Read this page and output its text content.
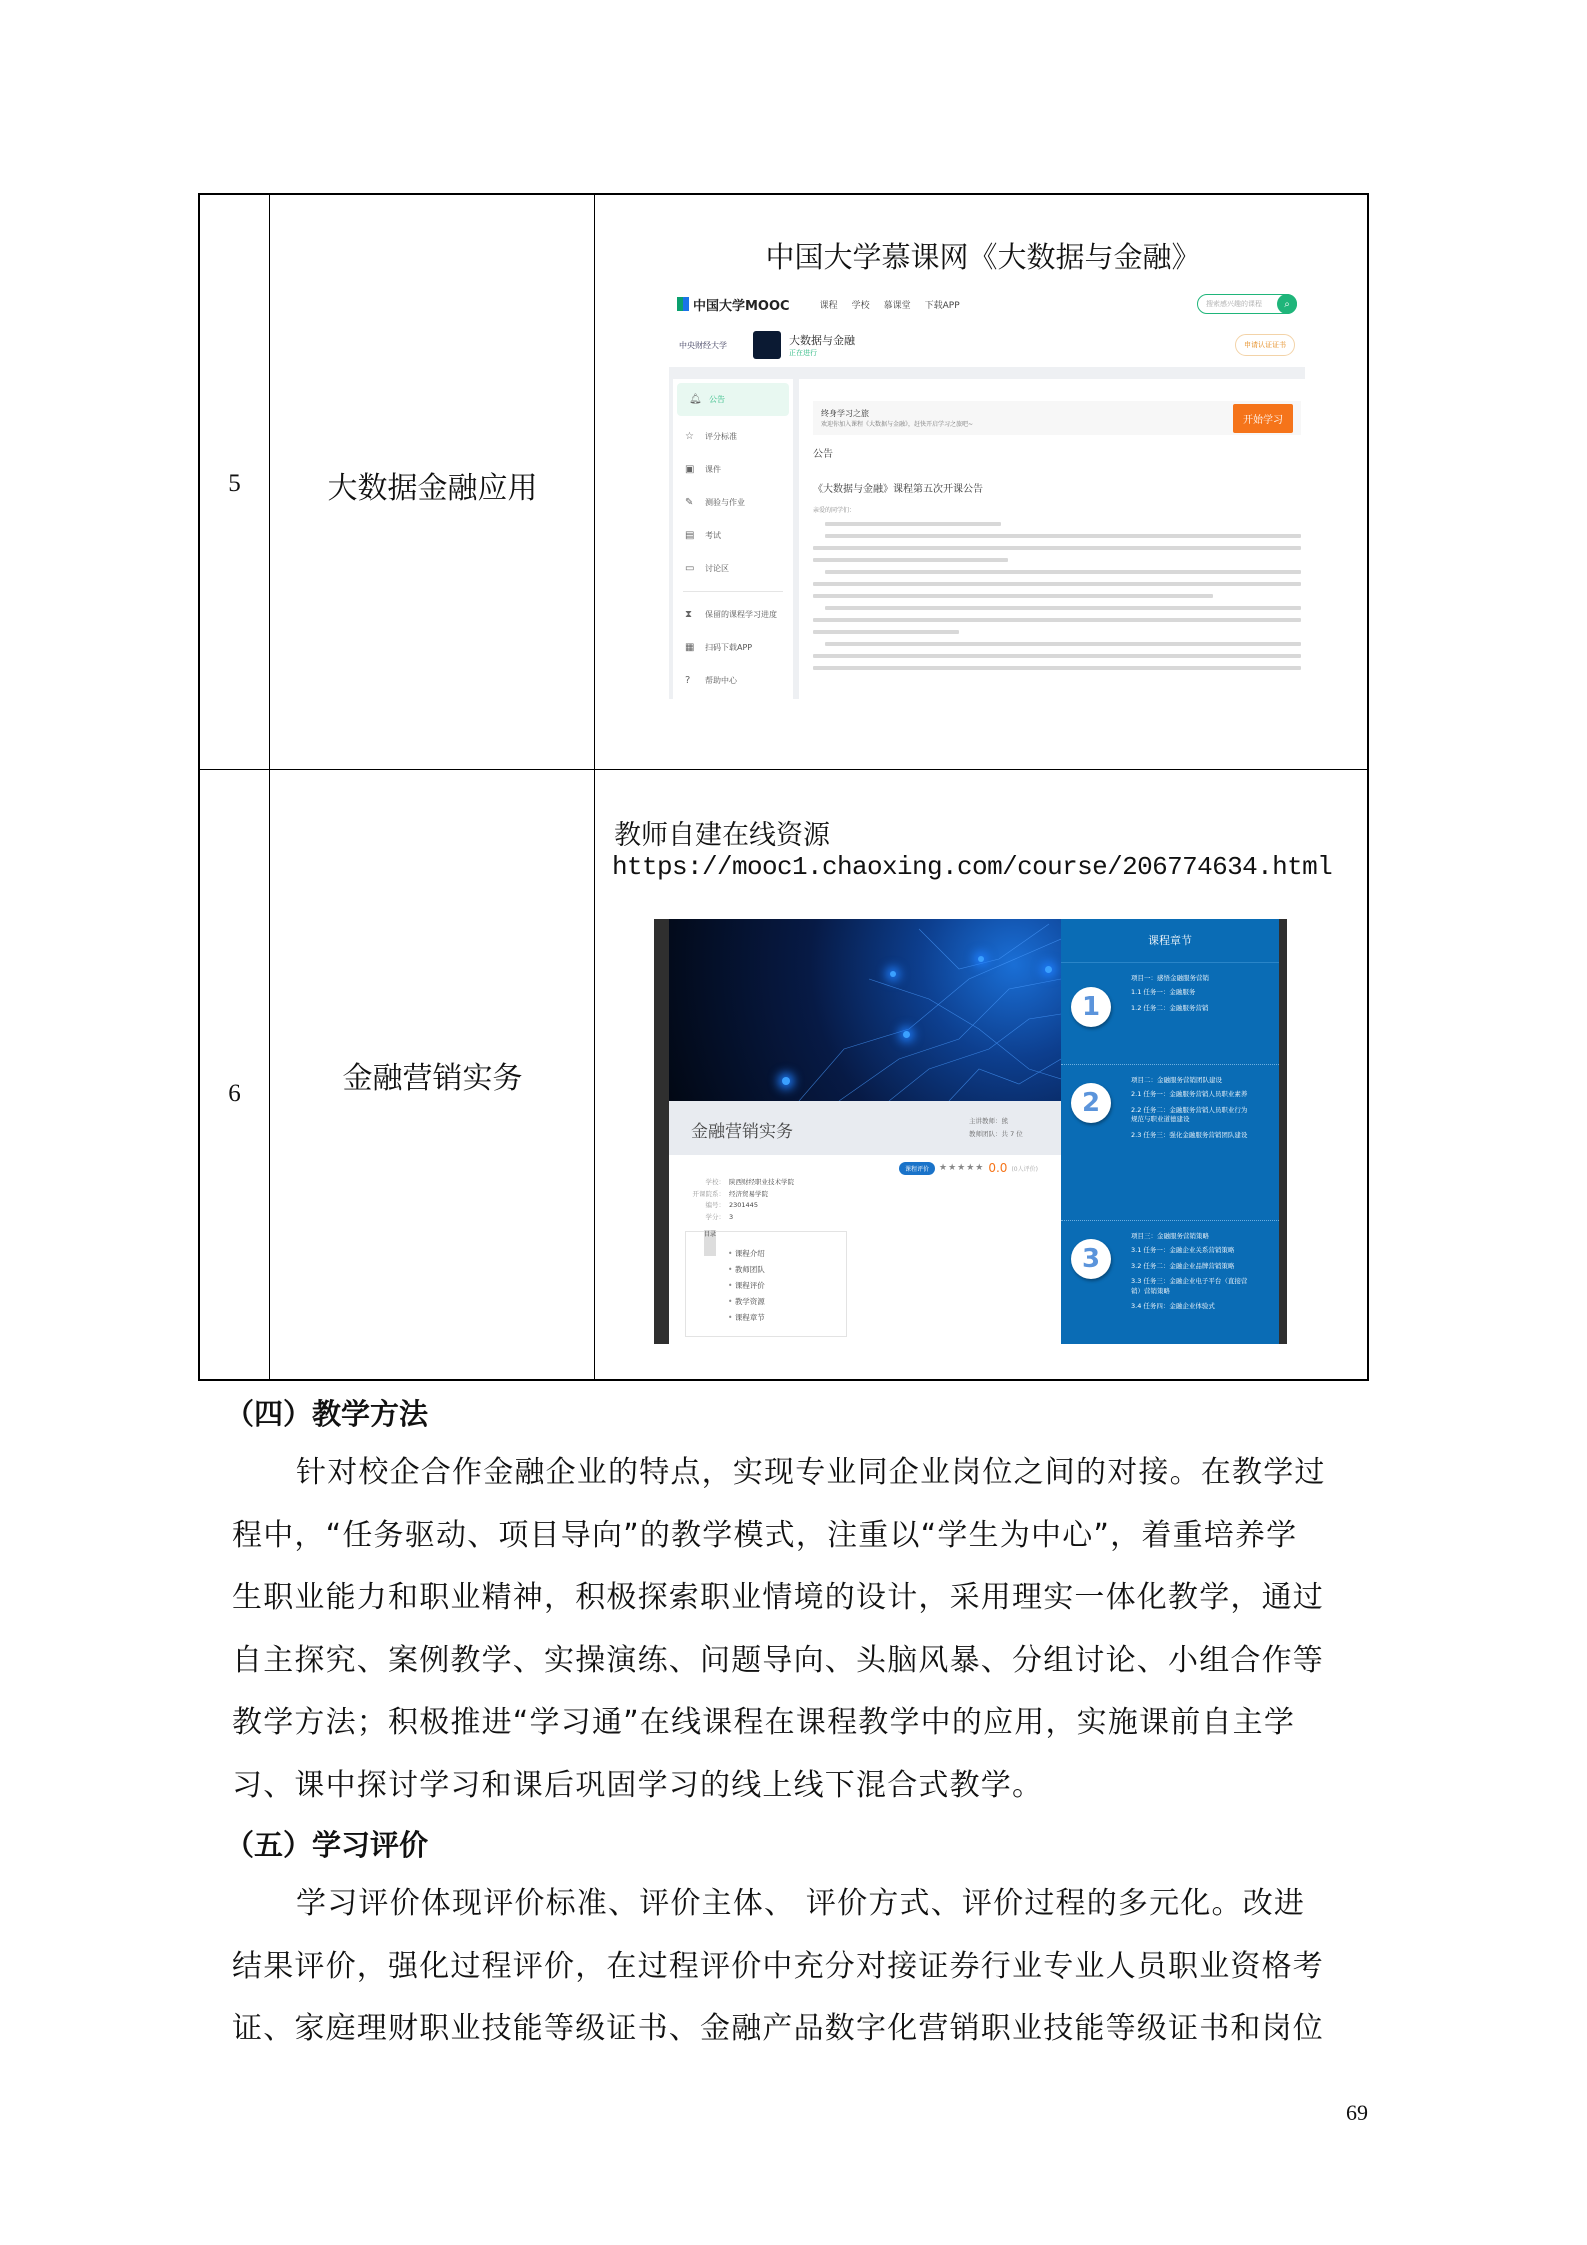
5	大数据金融应用
中国大学慕课网《大数据与金融》
中国大学MOOC	课程 学校 慕课堂 下载APP	搜索感兴趣的课程	⌕
中央财经大学	大数据与金融
正在进行
申请认证证书
🔔︎ 公告
☆	评分标准
▣	课件
✎	测验与作业
▤	考试
▭	讨论区
⧗	保留的课程学习进度
▦	扫码下载APP
?	帮助中心
终身学习之旅
欢迎你加入课程《大数据与金融》，赶快开启学习之旅吧~	开始学习
公告
《大数据与金融》课程第五次开课公告
亲爱的同学们：
6	金融营销实务
教师自建在线资源
https://mooc1.chaoxing.com/course/206774634.html
金融营销实务
主讲教师：熊
教师团队：共 7 位
课程评价	★★★★★ 0.0 (0人评价)
学校： 陕西财经职业技术学院
开课院系： 经济贸易学院
编号： 2301445
学分： 3
目录
• 课程介绍
• 教师团队
• 课程评价
• 教学资源
• 课程章节
课程章节
1
项目一：感悟金融服务营销
1.1 任务一：金融服务
1.2 任务二：金融服务营销
2
项目二：金融服务营销团队建设
2.1 任务一：金融服务营销人员职业素养
2.2 任务二：金融服务营销人员职业行为规范与职业道德建设
2.3 任务三：强化金融服务营销团队建设
3
项目三：金融服务营销策略
3.1 任务一：金融企业关系营销策略
3.2 任务二：金融企业品牌营销策略
3.3 任务三：金融企业电子平台（直接营销）营销策略
3.4 任务四：金融企业体验式
（四）教学方法
针对校企合作金融企业的特点，实现专业同企业岗位之间的对接。在教学过
程中，“任务驱动、项目导向”的教学模式，注重以“学生为中心”，着重培养学
生职业能力和职业精神，积极探索职业情境的设计，采用理实一体化教学，通过
自主探究、案例教学、实操演练、问题导向、头脑风暴、分组讨论、小组合作等
教学方法；积极推进“学习通”在线课程在课程教学中的应用，实施课前自主学
习、课中探讨学习和课后巩固学习的线上线下混合式教学。
（五）学习评价
学习评价体现评价标准、评价主体、 评价方式、评价过程的多元化。改进
结果评价，强化过程评价，在过程评价中充分对接证券行业专业人员职业资格考
证、家庭理财职业技能等级证书、金融产品数字化营销职业技能等级证书和岗位
69
